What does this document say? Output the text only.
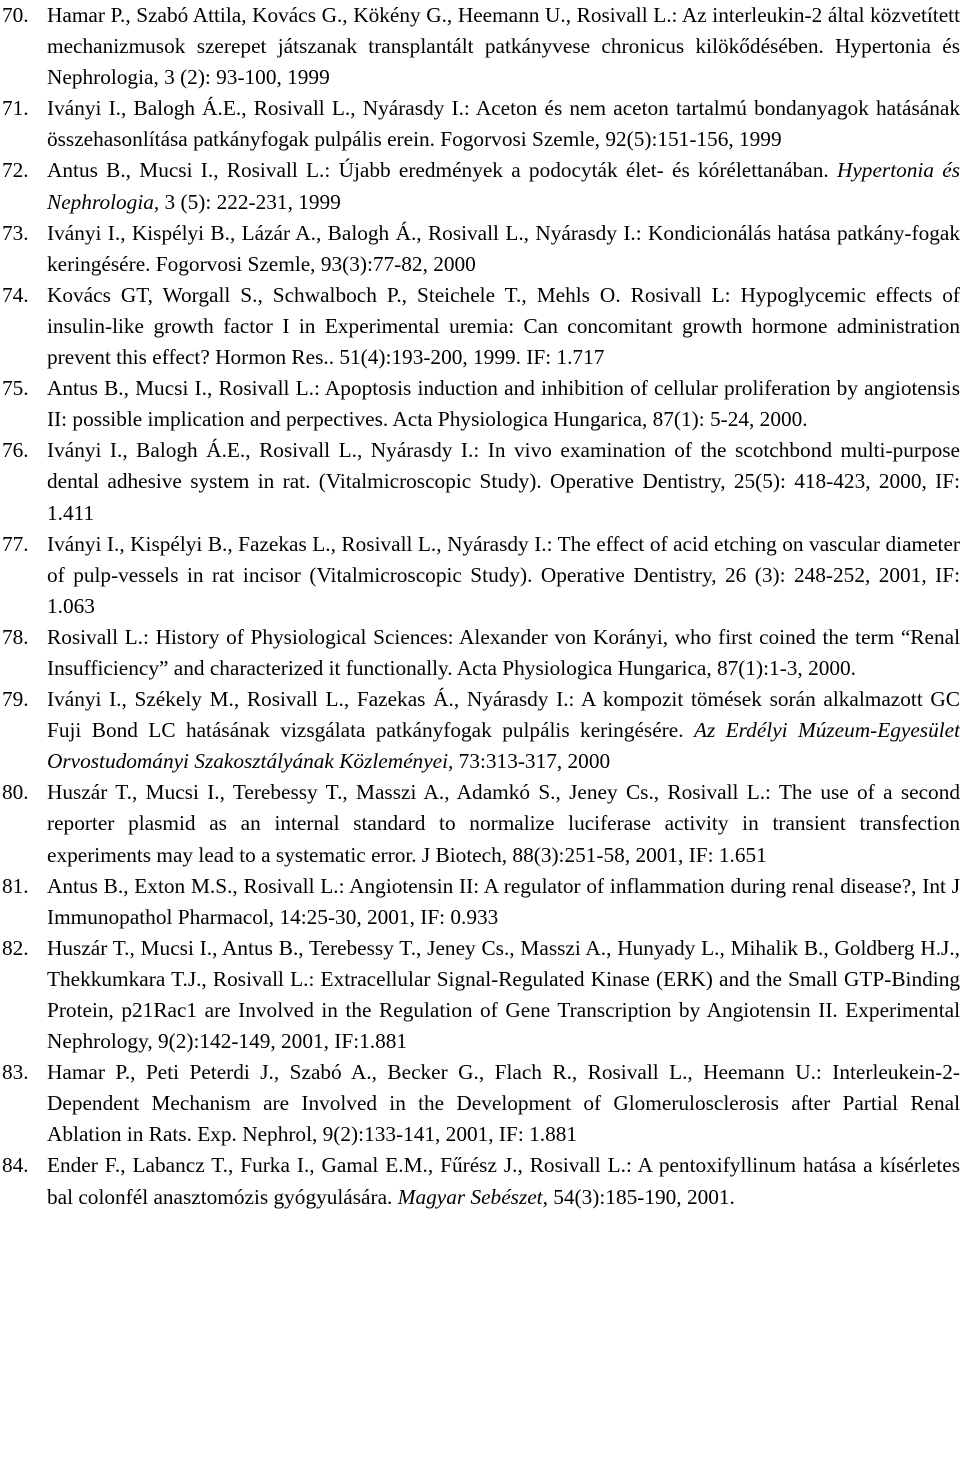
70. Hamar P., Szabó Attila, Kovács G., Kökény G., Heemann U., Rosivall L.: Az interleukin-2 által közvetített mechanizmusok szerepet játszanak transplantált patkányvese chronicus kilökődésében. Hypertonia és Nephrologia, 3 (2): 93-100, 1999
71. Iványi I., Balogh Á.E., Rosivall L., Nyárasdy I.: Aceton és nem aceton tartalmú bondanyagok hatásának összehasonlítása patkányfogak pulpális erein. Fogorvosi Szemle, 92(5):151-156, 1999
72. Antus B., Mucsi I., Rosivall L.: Újabb eredmények a podocyták élet- és kórélettanában. Hypertonia és Nephrologia, 3 (5): 222-231, 1999
73. Iványi I., Kispélyi B., Lázár A., Balogh Á., Rosivall L., Nyárasdy I.: Kondicionálás hatása patkány-fogak keringésére. Fogorvosi Szemle, 93(3):77-82, 2000
74. Kovács GT, Worgall S., Schwalboch P., Steichele T., Mehls O. Rosivall L: Hypoglycemic effects of insulin-like growth factor I in Experimental uremia: Can concomitant growth hormone administration prevent this effect? Hormon Res.. 51(4):193-200, 1999. IF: 1.717
75. Antus B., Mucsi I., Rosivall L.: Apoptosis induction and inhibition of cellular proliferation by angiotensis II: possible implication and perpectives. Acta Physiologica Hungarica, 87(1): 5-24, 2000.
76. Iványi I., Balogh Á.E., Rosivall L., Nyárasdy I.: In vivo examination of the scotchbond multi-purpose dental adhesive system in rat. (Vitalmicroscopic Study). Operative Dentistry, 25(5): 418-423, 2000, IF: 1.411
77. Iványi I., Kispélyi B., Fazekas L., Rosivall L., Nyárasdy I.: The effect of acid etching on vascular diameter of pulp-vessels in rat incisor (Vitalmicroscopic Study). Operative Dentistry, 26 (3): 248-252, 2001, IF: 1.063
78. Rosivall L.: History of Physiological Sciences: Alexander von Korányi, who first coined the term “Renal Insufficiency” and characterized it functionally. Acta Physiologica Hungarica, 87(1):1-3, 2000.
79. Iványi I., Székely M., Rosivall L., Fazekas Á., Nyárasdy I.: A kompozit tömések során alkalmazott GC Fuji Bond LC hatásának vizsgálata patkányfogak pulpális keringésére. Az Erdélyi Múzeum-Egyesület Orvostudományi Szakosztályának Közleményei, 73:313-317, 2000
80. Huszár T., Mucsi I., Terebessy T., Masszi A., Adamkó S., Jeney Cs., Rosivall L.: The use of a second reporter plasmid as an internal standard to normalize luciferase activity in transient transfection experiments may lead to a systematic error. J Biotech, 88(3):251-58, 2001, IF: 1.651
81. Antus B., Exton M.S., Rosivall L.: Angiotensin II: A regulator of inflammation during renal disease?, Int J Immunopathol Pharmacol, 14:25-30, 2001, IF: 0.933
82. Huszár T., Mucsi I., Antus B., Terebessy T., Jeney Cs., Masszi A., Hunyady L., Mihalik B., Goldberg H.J., Thekkumkara T.J., Rosivall L.: Extracellular Signal-Regulated Kinase (ERK) and the Small GTP-Binding Protein, p21Rac1 are Involved in the Regulation of Gene Transcription by Angiotensin II. Experimental Nephrology, 9(2):142-149, 2001, IF:1.881
83. Hamar P., Peti Peterdi J., Szabó A., Becker G., Flach R., Rosivall L., Heemann U.: Interleukein-2-Dependent Mechanism are Involved in the Development of Glomerulosclerosis after Partial Renal Ablation in Rats. Exp. Nephrol, 9(2):133-141, 2001, IF: 1.881
84. Ender F., Labancz T., Furka I., Gamal E.M., Fűrész J., Rosivall L.: A pentoxifyllinum hatása a kísérletes bal colonfél anasztomózis gyógyulására. Magyar Sebészet, 54(3):185-190, 2001.
